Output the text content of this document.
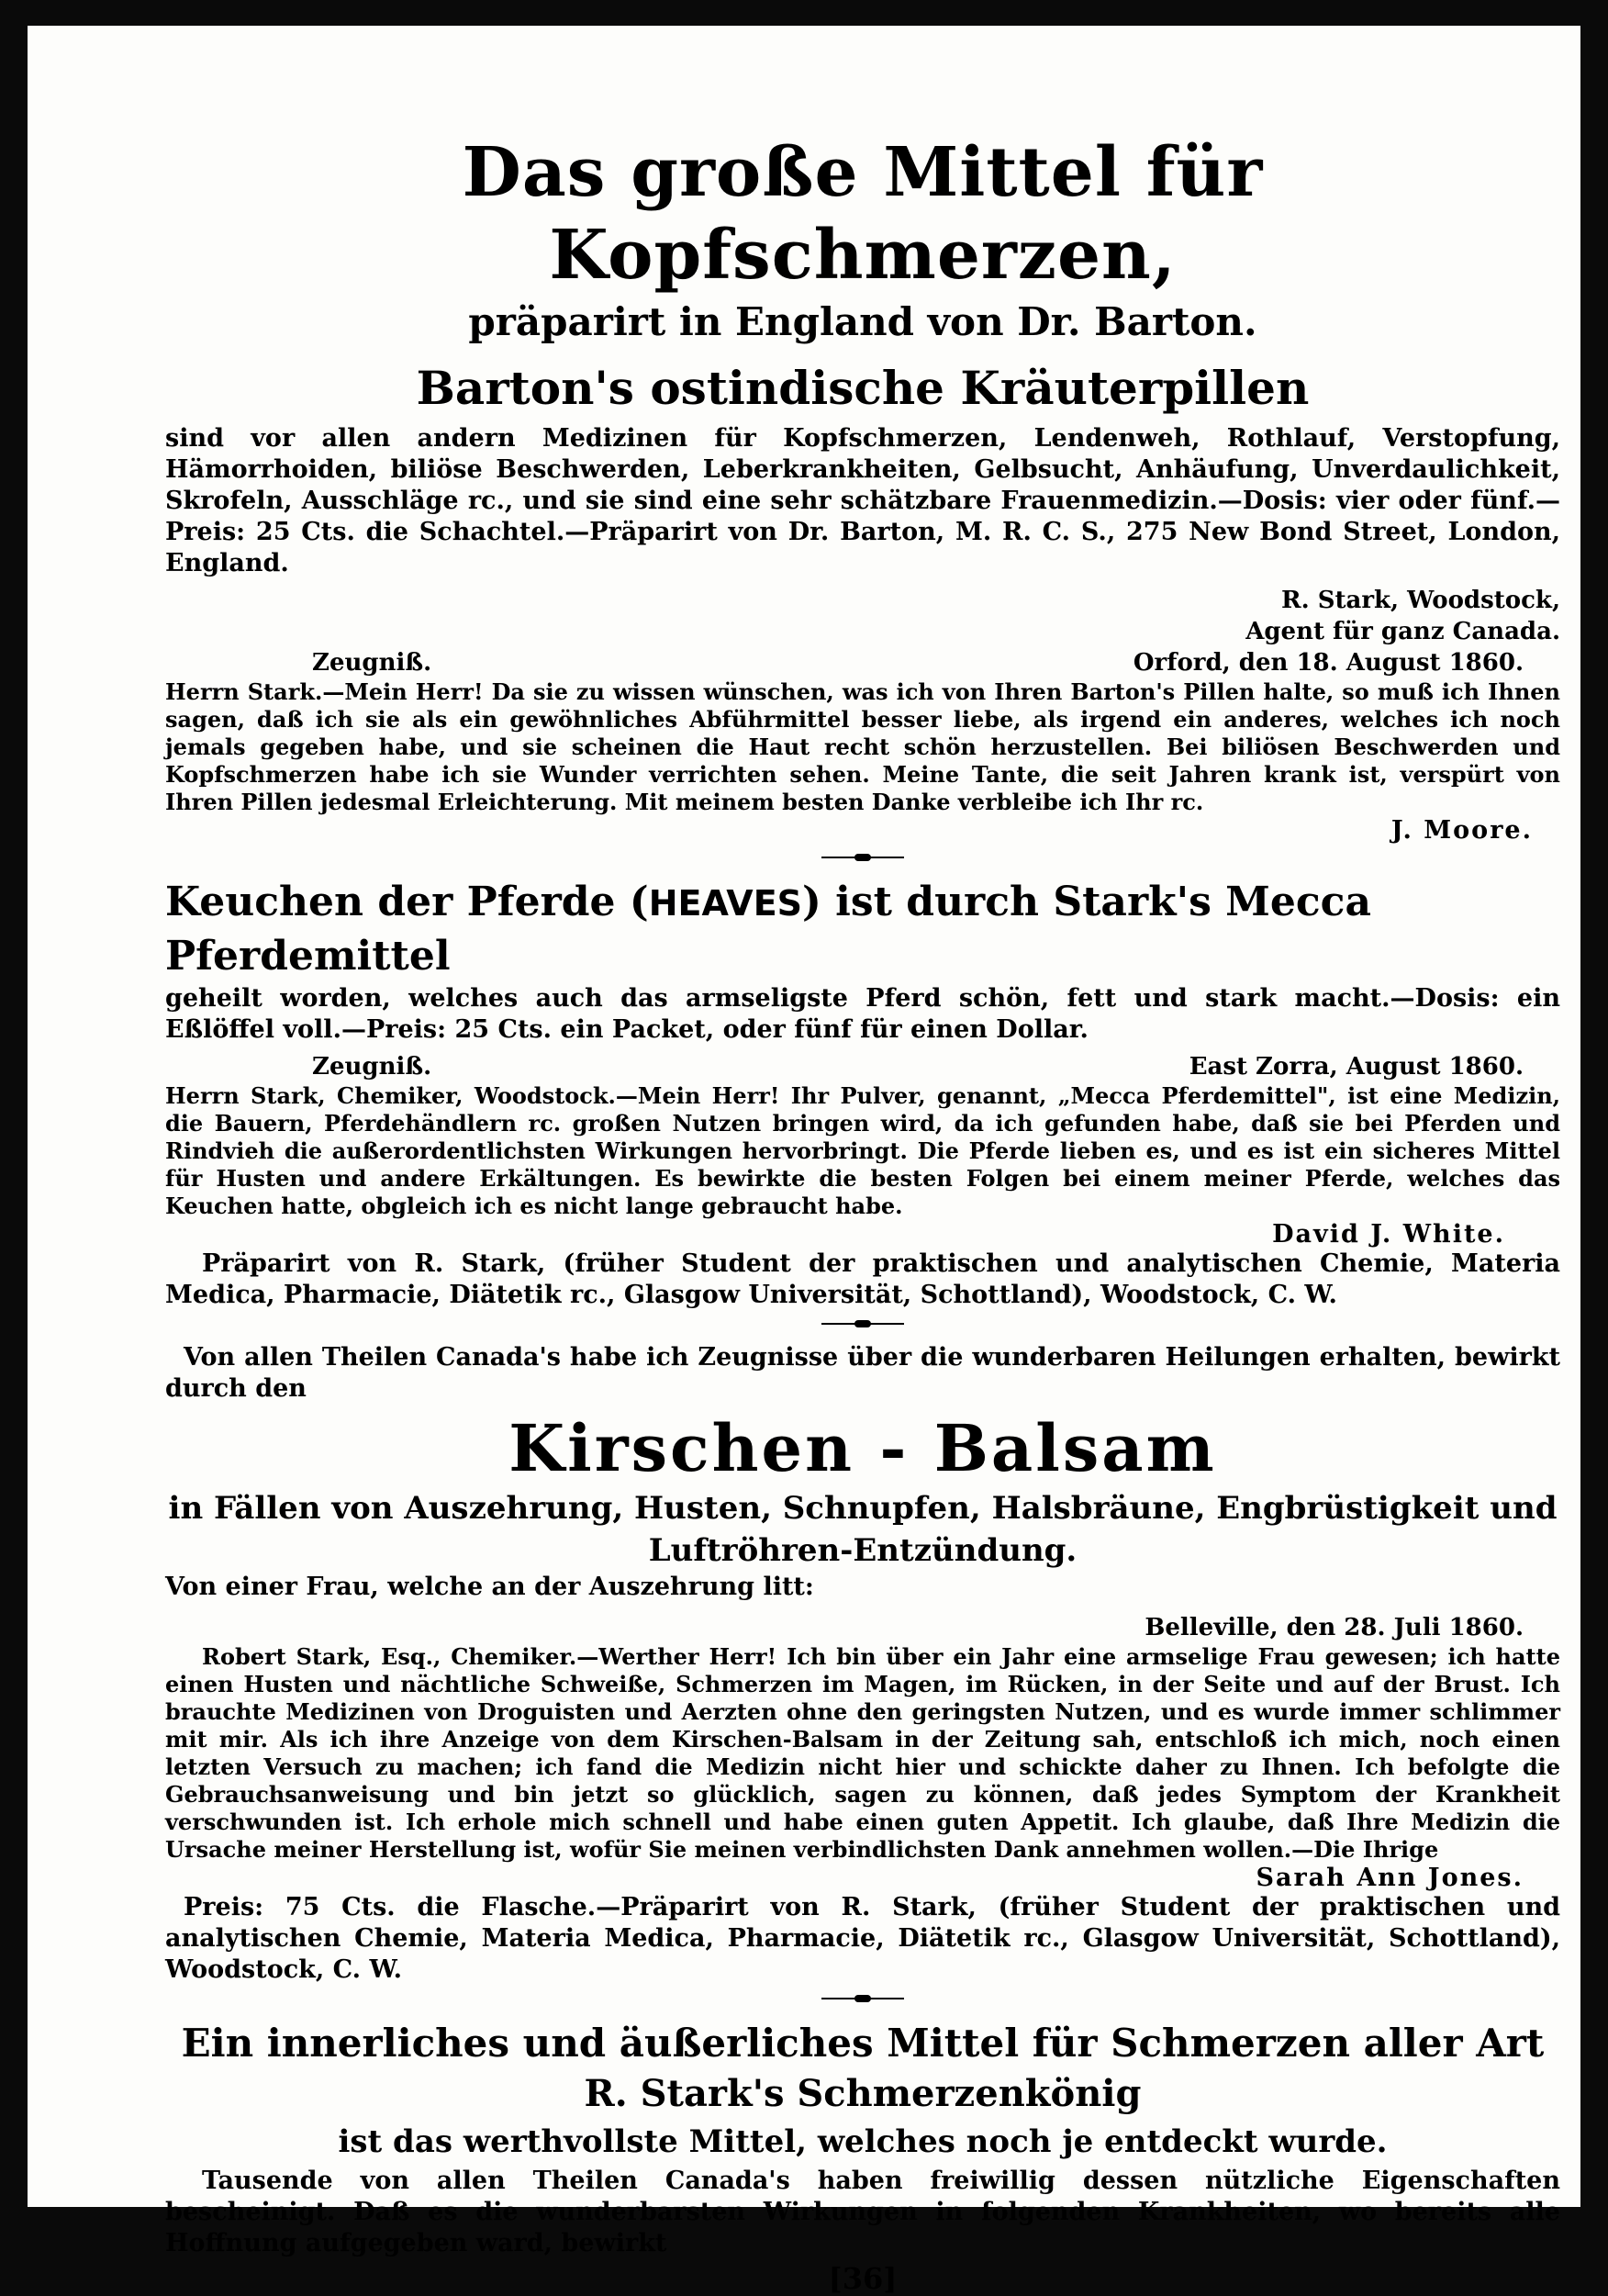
Das große Mittel für Kopfschmerzen,

präparirt in England von Dr. Barton.

Barton's ostindische Kräuterpillen

sind vor allen andern Medizinen für Kopfschmerzen, Lendenweh, Rothlauf, Verstopfung, Hämorrhoiden, biliöse Beschwerden, Leberkrankheiten, Gelbsucht, Anhäufung, Unverdaulichkeit, Skrofeln, Ausschläge rc., und sie sind eine sehr schätzbare Frauenmedizin.—Dosis: vier oder fünf.—Preis: 25 Cts. die Schachtel.—Präparirt von Dr. Barton, M. R. C. S., 275 New Bond Street, London, England.

R. Stark, Woodstock,
Agent für ganz Canada.
Zeugniß.	Orford, den 18. August 1860.

Herrn Stark.—Mein Herr! Da sie zu wissen wünschen, was ich von Ihren Barton's Pillen halte, so muß ich Ihnen sagen, daß ich sie als ein gewöhnliches Abführmittel besser liebe, als irgend ein anderes, welches ich noch jemals gegeben habe, und sie scheinen die Haut recht schön herzustellen. Bei biliösen Beschwerden und Kopfschmerzen habe ich sie Wunder verrichten sehen. Meine Tante, die seit Jahren krank ist, verspürt von Ihren Pillen jedesmal Erleichterung. Mit meinem besten Danke verbleibe ich Ihr rc.

J. Moore.

Keuchen der Pferde (HEAVES) ist durch Stark's Mecca Pferdemittel

geheilt worden, welches auch das armseligste Pferd schön, fett und stark macht.—Dosis: ein Eßlöffel voll.—Preis: 25 Cts. ein Packet, oder fünf für einen Dollar.

Zeugniß.	East Zorra, August 1860.

Herrn Stark, Chemiker, Woodstock.—Mein Herr! Ihr Pulver, genannt, „Mecca Pferdemittel", ist eine Medizin, die Bauern, Pferdehändlern rc. großen Nutzen bringen wird, da ich gefunden habe, daß sie bei Pferden und Rindvieh die außerordentlichsten Wirkungen hervorbringt. Die Pferde lieben es, und es ist ein sicheres Mittel für Husten und andere Erkältungen. Es bewirkte die besten Folgen bei einem meiner Pferde, welches das Keuchen hatte, obgleich ich es nicht lange gebraucht habe.

David J. White.

Präparirt von R. Stark, (früher Student der praktischen und analytischen Chemie, Materia Medica, Pharmacie, Diätetik rc., Glasgow Universität, Schottland), Woodstock, C. W.

Von allen Theilen Canada's habe ich Zeugnisse über die wunderbaren Heilungen erhalten, bewirkt durch den

Kirschen - Balsam

in Fällen von Auszehrung, Husten, Schnupfen, Halsbräune, Engbrüstigkeit und

Luftröhren-Entzündung.

Von einer Frau, welche an der Auszehrung litt:

Belleville, den 28. Juli 1860.

Robert Stark, Esq., Chemiker.—Werther Herr! Ich bin über ein Jahr eine armselige Frau gewesen; ich hatte einen Husten und nächtliche Schweiße, Schmerzen im Magen, im Rücken, in der Seite und auf der Brust. Ich brauchte Medizinen von Droguisten und Aerzten ohne den geringsten Nutzen, und es wurde immer schlimmer mit mir. Als ich ihre Anzeige von dem Kirschen-Balsam in der Zeitung sah, entschloß ich mich, noch einen letzten Versuch zu machen; ich fand die Medizin nicht hier und schickte daher zu Ihnen. Ich befolgte die Gebrauchsanweisung und bin jetzt so glücklich, sagen zu können, daß jedes Symptom der Krankheit verschwunden ist. Ich erhole mich schnell und habe einen guten Appetit. Ich glaube, daß Ihre Medizin die Ursache meiner Herstellung ist, wofür Sie meinen verbindlichsten Dank annehmen wollen.—Die Ihrige

Sarah Ann Jones.

Preis: 75 Cts. die Flasche.—Präparirt von R. Stark, (früher Student der praktischen und analytischen Chemie, Materia Medica, Pharmacie, Diätetik rc., Glasgow Universität, Schottland), Woodstock, C. W.

Ein innerliches und äußerliches Mittel für Schmerzen aller Art

R. Stark's Schmerzenkönig

ist das werthvollste Mittel, welches noch je entdeckt wurde.

Tausende von allen Theilen Canada's haben freiwillig dessen nützliche Eigenschaften bescheinigt. Daß es die wunderbarsten Wirkungen in folgenden Krankheiten, wo bereits alle Hoffnung aufgegeben ward, bewirkt

[36]
